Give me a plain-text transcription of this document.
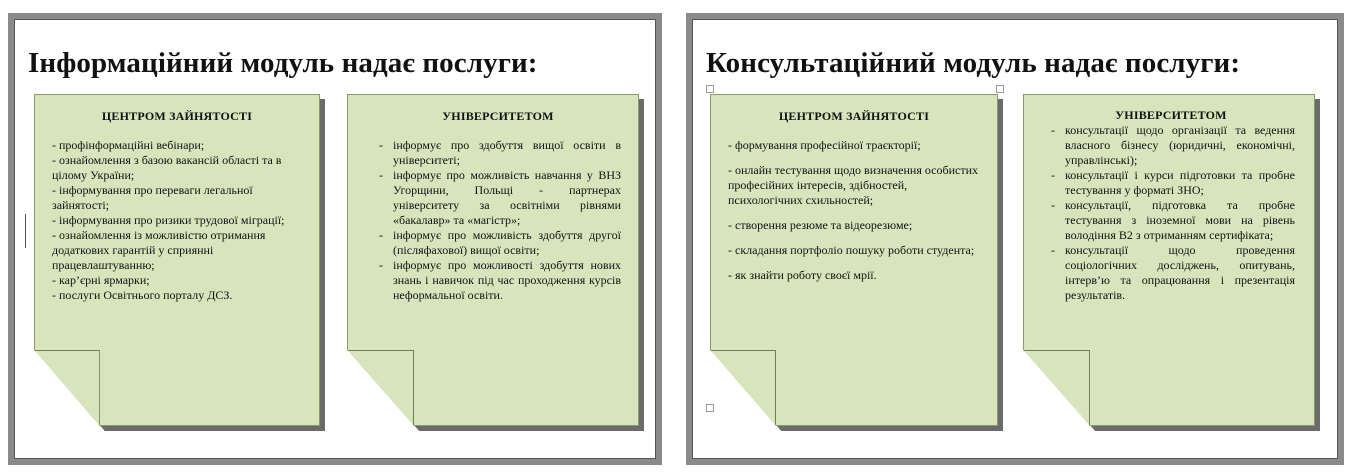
Інформаційний модуль надає послуги:
ЦЕНТРОМ ЗАЙНЯТОСТІ

- профінформаційні вебінари;

- ознайомлення з базою вакансій області та в цілому України;

- інформування про переваги легальної зайнятості;

- інформування про ризики трудової міграції;

- ознайомлення із можливістю отримання додаткових гарантій у сприянні працевлаштуванню;

- кар’єрні ярмарки;

- послуги Освітнього порталу ДСЗ.

УНІВЕРСИТЕТОМ
- інформує про здобуття вищої освіти в університеті;
- інформує про можливість навчання у ВНЗ Угорщини, Польщі - партнерах університету за освітніми рівнями «бакалавр» та «магістр»;
- інформує про можливість здобуття другої (післяфахової) вищої освіти;
- інформує про можливості здобуття нових знань і навичок під час проходження курсів неформальної освіти.
Консультаційний модуль надає послуги:
ЦЕНТРОМ ЗАЙНЯТОСТІ

- формування професійної траєкторії;

- онлайн тестування щодо визначення особистих професійних інтересів, здібностей, психологічних схильностей;

- створення резюме та відеорезюме;

- складання портфоліо пошуку роботи студента;

- як знайти роботу своєї мрії.

УНІВЕРСИТЕТОМ
- консультації щодо організації та ведення власного бізнесу (юридичні, економічні, управлінські);
- консультації і курси підготовки та пробне тестування у форматі ЗНО;
- консультації, підготовка та пробне тестування з іноземної мови на рівень володіння В2 з отриманням сертифіката;
- консультації щодо проведення соціологічних досліджень, опитувань, інтерв’ю та опрацювання і презентація результатів.
